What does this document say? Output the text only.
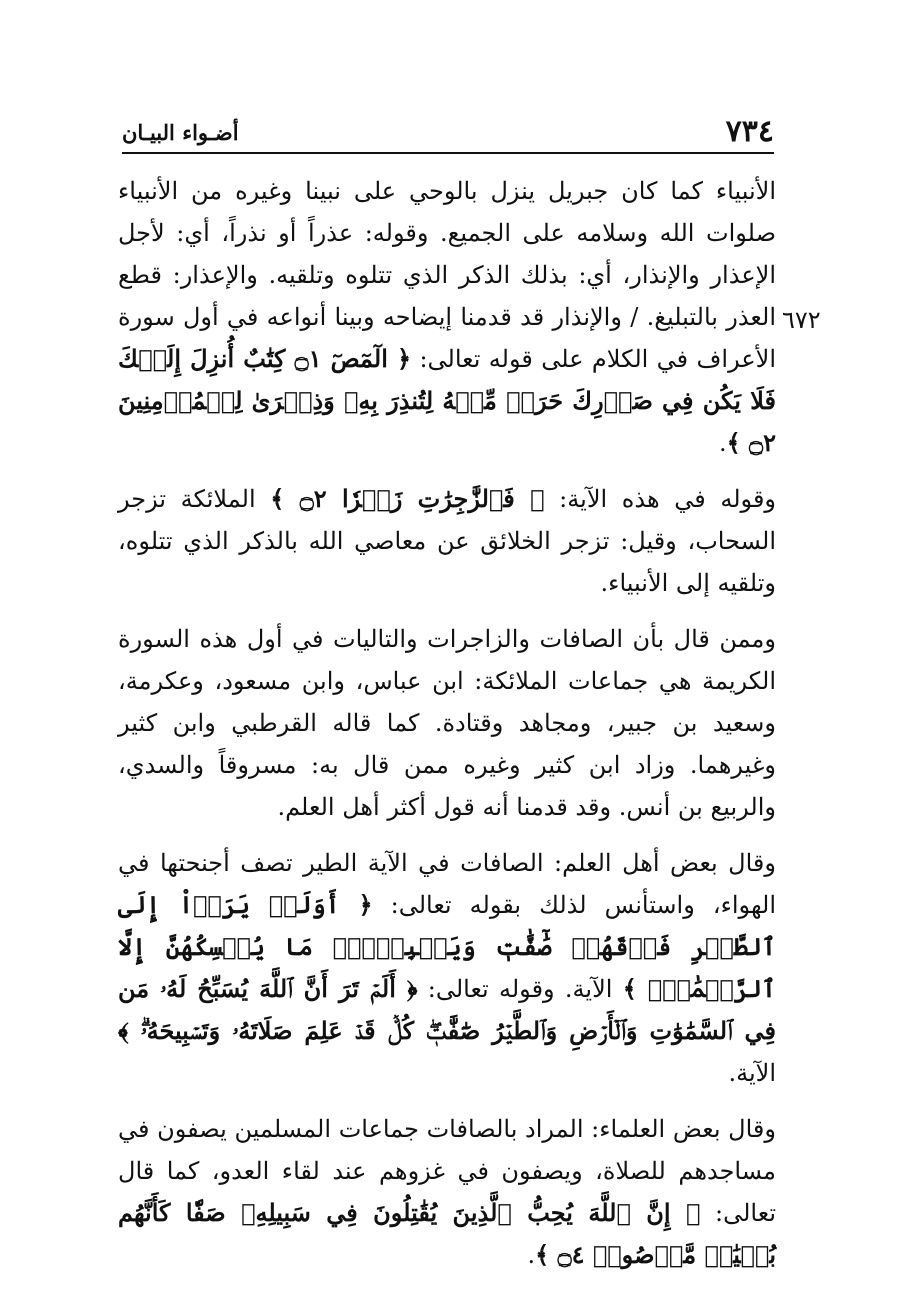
٧٣٤
أضـواء البيـان
٦٧٢

الأنبياء كما كان جبريل ينزل بالوحي على نبينا وغيره من الأنبياء صلوات الله وسلامه على الجميع. وقوله: عذراً أو نذراً، أي: لأجل الإعذار والإنذار، أي: بذلك الذكر الذي تتلوه وتلقيه. والإعذار: قطع العذر بالتبليغ. / والإنذار قد قدمنا إيضاحه وبينا أنواعه في أول سورة الأعراف في الكلام على قوله تعالى: ﴿ الٓمٓصٓ ۝١ كِتَٰبٌ أُنزِلَ إِلَيۡكَ فَلَا يَكُن فِي صَدۡرِكَ حَرَجٞ مِّنۡهُ لِتُنذِرَ بِهِۦ وَذِكۡرَىٰ لِلۡمُؤۡمِنِينَ ۝٢ ﴾.

وقوله في هذه الآية: ﴿ فَٱلزَّٰجِرَٰتِ زَجۡرٗا ۝٢ ﴾ الملائكة تزجر السحاب، وقيل: تزجر الخلائق عن معاصي الله بالذكر الذي تتلوه، وتلقيه إلى الأنبياء.

وممن قال بأن الصافات والزاجرات والتاليات في أول هذه السورة الكريمة هي جماعات الملائكة: ابن عباس، وابن مسعود، وعكرمة، وسعيد بن جبير، ومجاهد وقتادة. كما قاله القرطبي وابن كثير وغيرهما. وزاد ابن كثير وغيره ممن قال به: مسروقاً والسدي، والربيع بن أنس. وقد قدمنا أنه قول أكثر أهل العلم.

وقال بعض أهل العلم: الصافات في الآية الطير تصف أجنحتها في الهواء، واستأنس لذلك بقوله تعالى: ﴿ أَوَلَمۡ يَرَوۡاْ إِلَى ٱلطَّيۡرِ فَوۡقَهُمۡ صَٰٓفَّٰتٖ وَيَقۡبِضۡنَۚ مَا يُمۡسِكُهُنَّ إِلَّا ٱلرَّحۡمَٰنُۚ ﴾ الآية. وقوله تعالى: ﴿ أَلَمۡ تَرَ أَنَّ ٱللَّهَ يُسَبِّحُ لَهُۥ مَن فِي ٱلسَّمَٰوَٰتِ وَٱلۡأَرۡضِ وَٱلطَّيۡرُ صَٰٓفَّٰتٖۖ كُلّٞ قَدۡ عَلِمَ صَلَاتَهُۥ وَتَسۡبِيحَهُۥۗ ﴾ الآية.

وقال بعض العلماء: المراد بالصافات جماعات المسلمين يصفون في مساجدهم للصلاة، ويصفون في غزوهم عند لقاء العدو، كما قال تعالى: ﴿ إِنَّ ٱللَّهَ يُحِبُّ ٱلَّذِينَ يُقَٰتِلُونَ فِي سَبِيلِهِۦ صَفّٗا كَأَنَّهُم بُنۡيَٰنٞ مَّرۡصُوصٞ ۝٤ ﴾.
